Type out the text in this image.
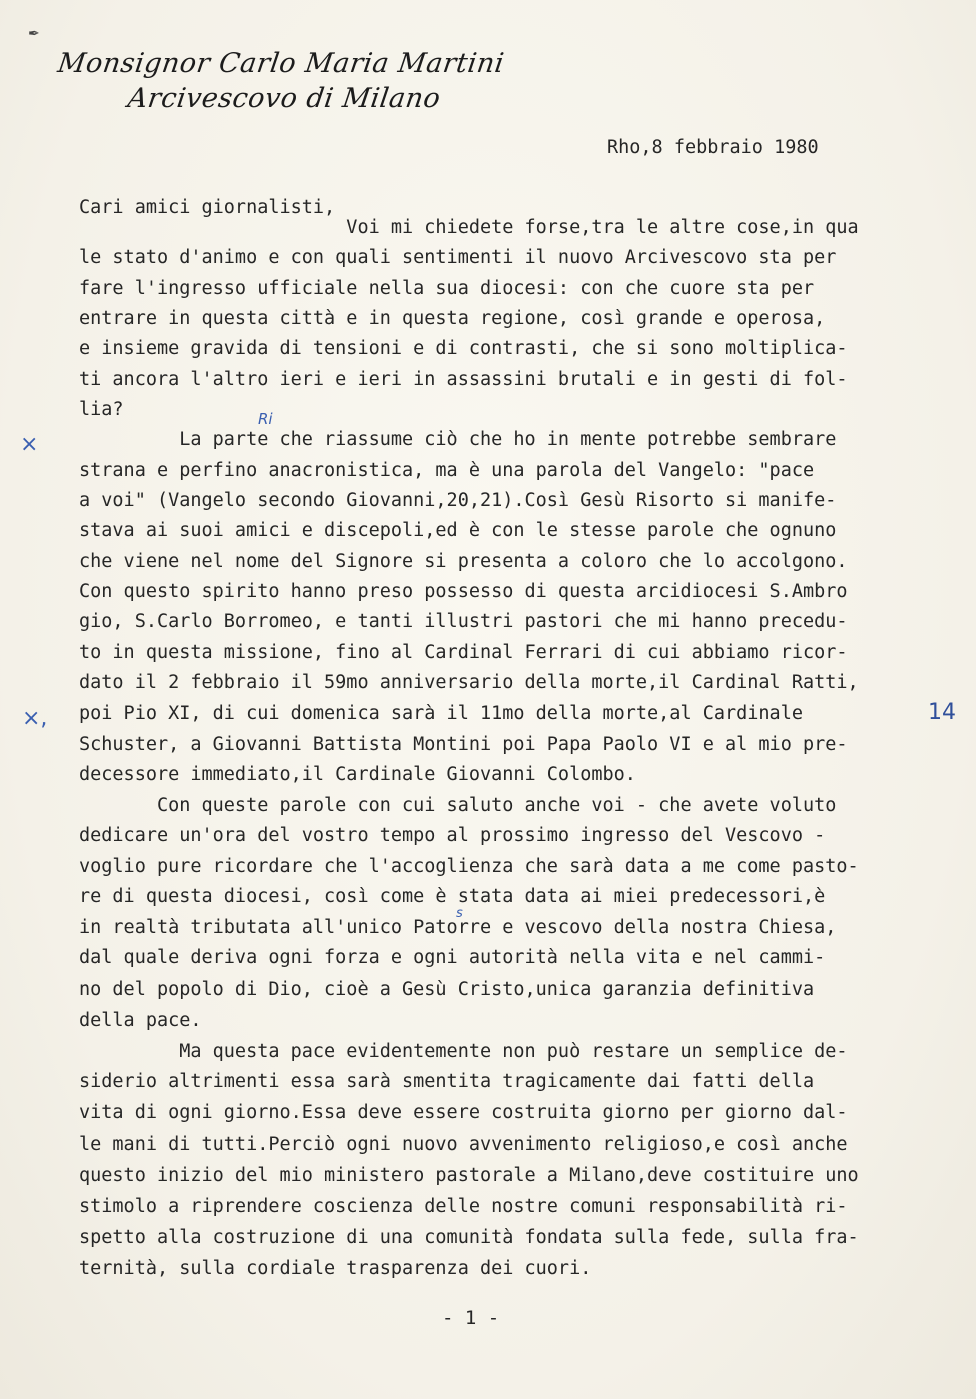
✒
Monsignor Carlo Maria Martini
Arcivescovo di Milano
Rho,8 febbraio 1980
Cari amici giornalisti,
Voi mi chiedete forse,tra le altre cose,in qua
le stato d'animo e con quali sentimenti il nuovo Arcivescovo sta per
fare l'ingresso ufficiale nella sua diocesi: con che cuore sta per
entrare in questa città e in questa regione, così grande e operosa,
e insieme gravida di tensioni e di contrasti, che si sono moltiplica-
ti ancora l'altro ieri e ieri in assassini brutali e in gesti di fol-
lia?
La parte che riassume ciò che ho in mente potrebbe sembrare
strana e perfino anacronistica, ma è una parola del Vangelo: "pace
a voi" (Vangelo secondo Giovanni,20,21).Così Gesù Risorto si manife-
stava ai suoi amici e discepoli,ed è con le stesse parole che ognuno
che viene nel nome del Signore si presenta a coloro che lo accolgono.
Con questo spirito hanno preso possesso di questa arcidiocesi S.Ambro
gio, S.Carlo Borromeo, e tanti illustri pastori che mi hanno precedu-
to in questa missione, fino al Cardinal Ferrari di cui abbiamo ricor-
dato il 2 febbraio il 59mo anniversario della morte,il Cardinal Ratti,
poi Pio XI, di cui domenica sarà il 11mo della morte,al Cardinale
Schuster, a Giovanni Battista Montini poi Papa Paolo VI e al mio pre-
decessore immediato,il Cardinale Giovanni Colombo.
Con queste parole con cui saluto anche voi - che avete voluto
dedicare un'ora del vostro tempo al prossimo ingresso del Vescovo -
voglio pure ricordare che l'accoglienza che sarà data a me come pasto-
re di questa diocesi, così come è stata data ai miei predecessori,è
in realtà tributata all'unico Patorre e vescovo della nostra Chiesa,
dal quale deriva ogni forza e ogni autorità nella vita e nel cammi-
no del popolo di Dio, cioè a Gesù Cristo,unica garanzia definitiva
della pace.
Ma questa pace evidentemente non può restare un semplice de-
siderio altrimenti essa sarà smentita tragicamente dai fatti della
vita di ogni giorno.Essa deve essere costruita giorno per giorno dal-
le mani di tutti.Perciò ogni nuovo avvenimento religioso,e così anche
questo inizio del mio ministero pastorale a Milano,deve costituire uno
stimolo a riprendere coscienza delle nostre comuni responsabilità ri-
spetto alla costruzione di una comunità fondata sulla fede, sulla fra-
ternità, sulla cordiale trasparenza dei cuori.
×
×,	14
Ri
s
- 1 -
